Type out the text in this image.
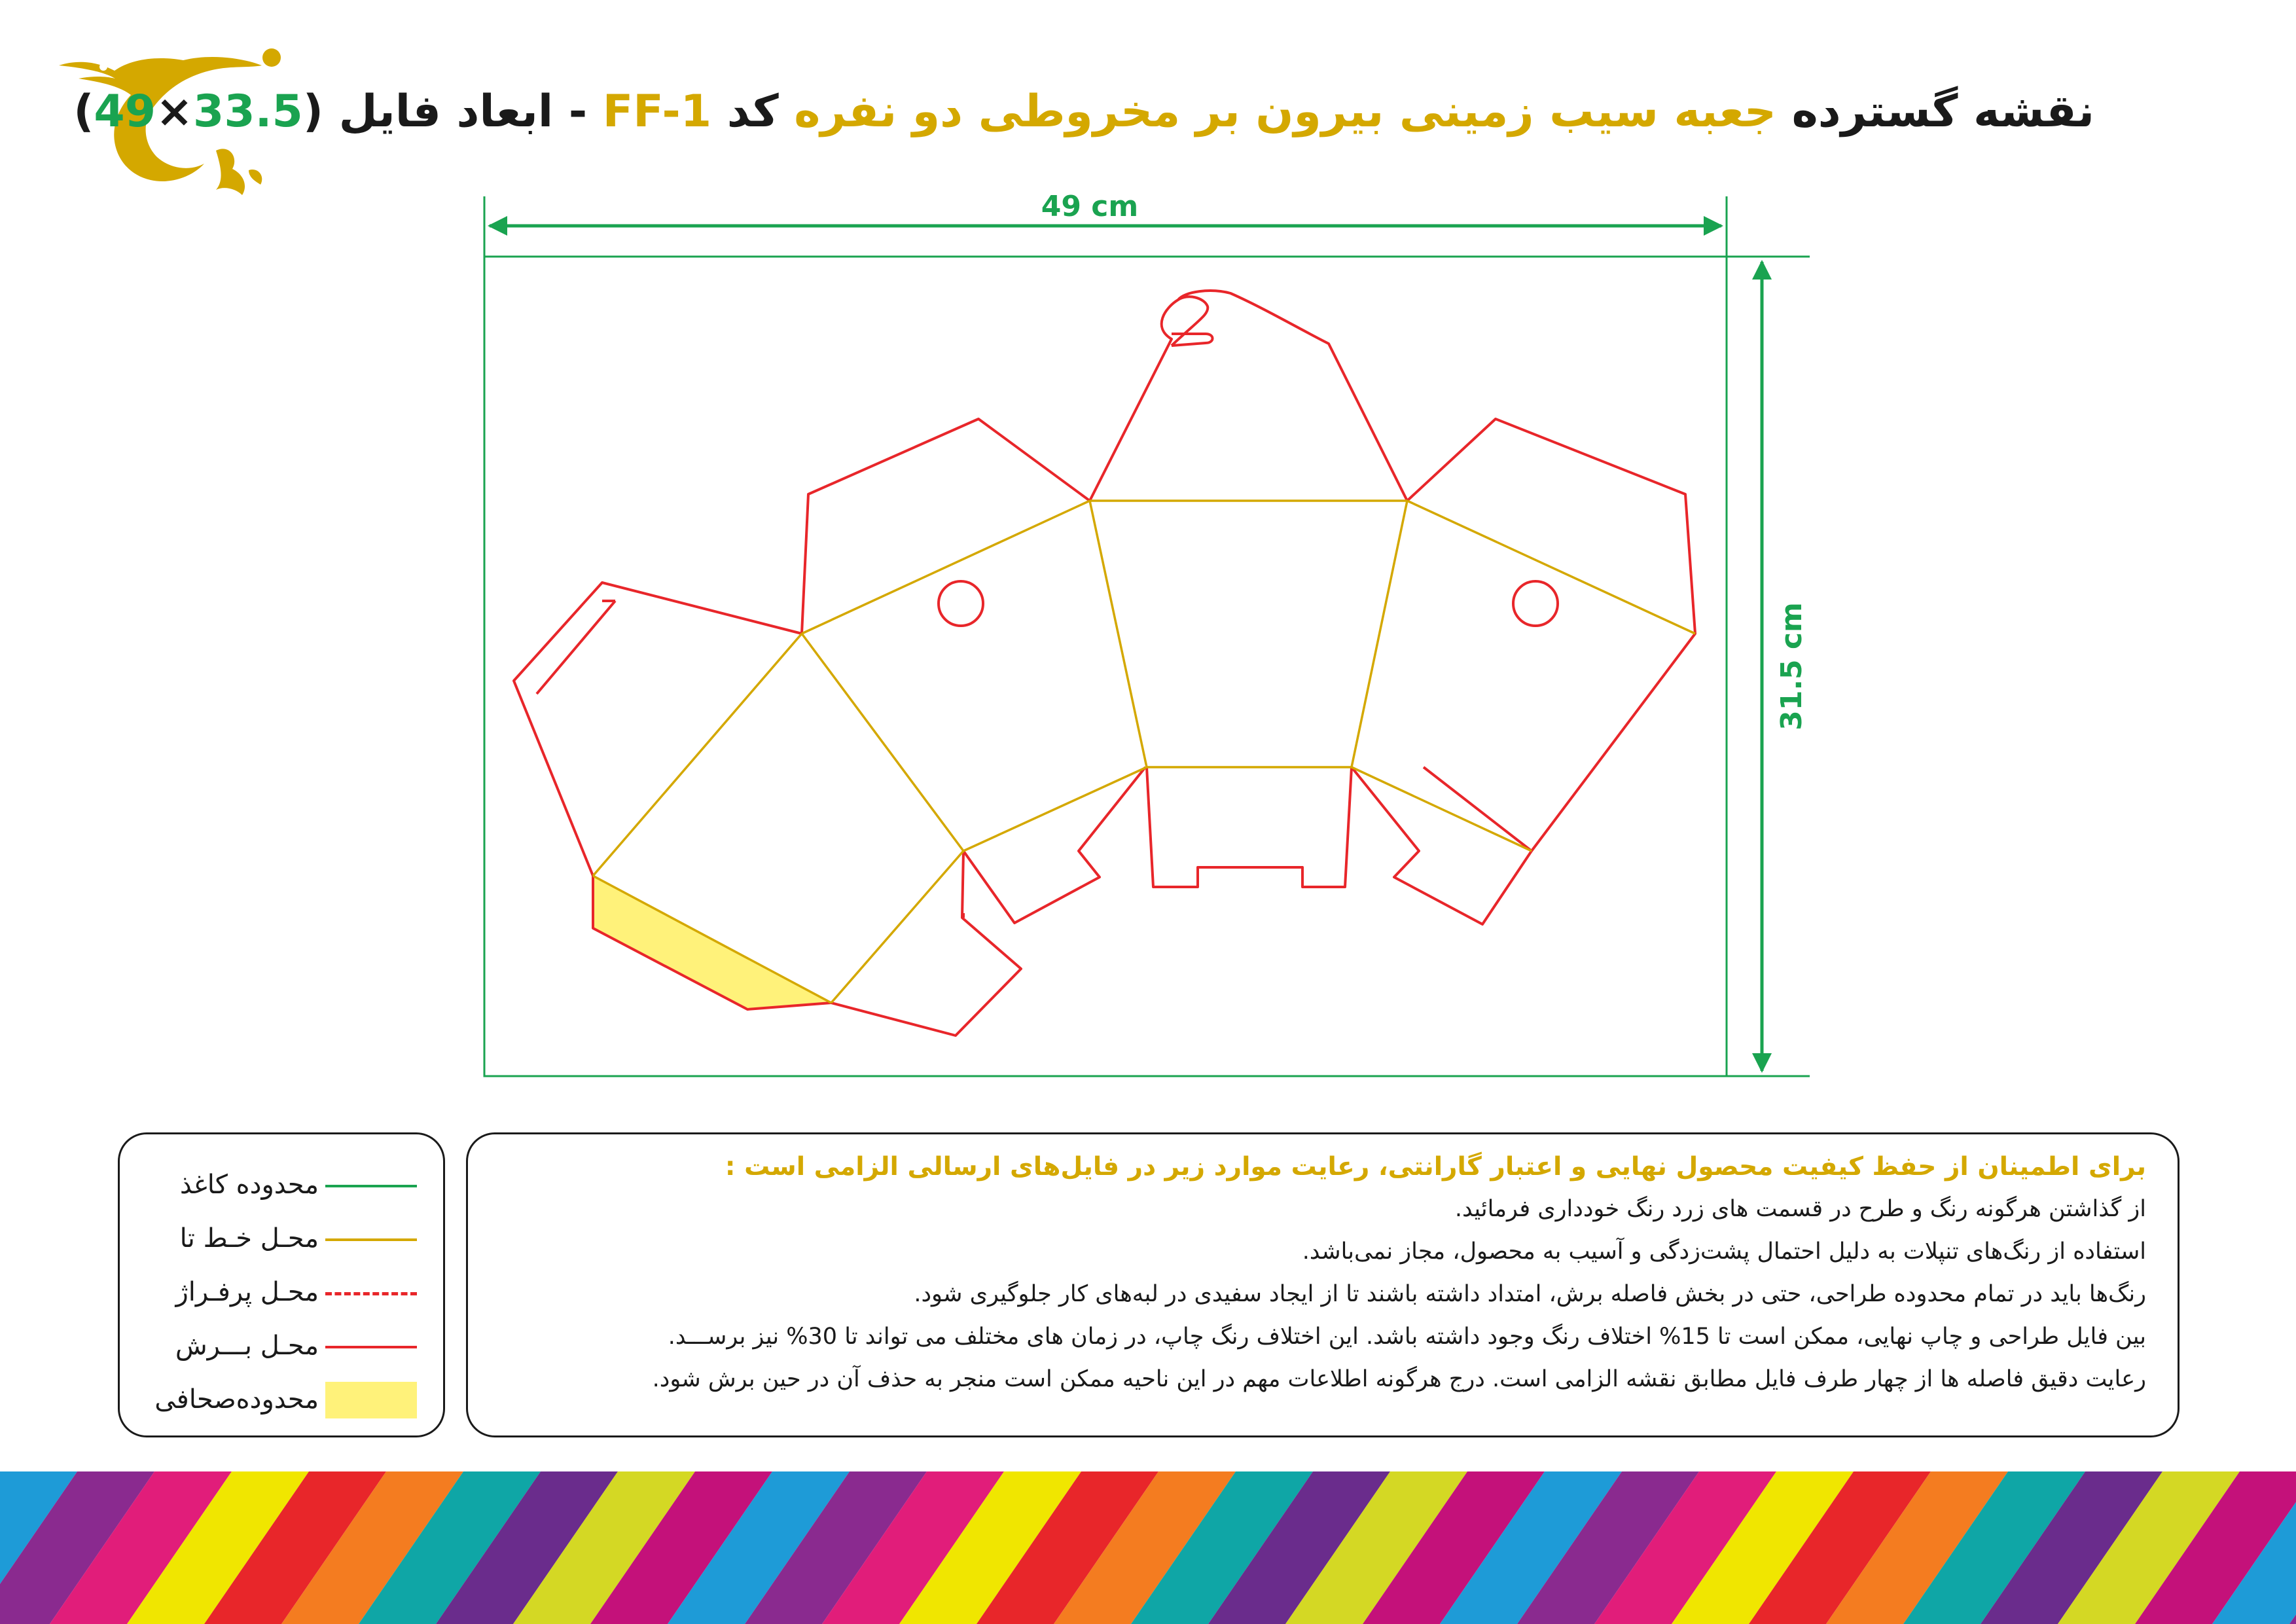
نقشه گسترده جعبه سیب زمینی بیرون بر مخروطی دو نفره کد FF-1 - ابعاد فایل (33.5×49)
49 cm
31.5 cm
محدوده کاغذ
محـل خـط تا
محـل پرفـراژ
محـل بـــرش
محدوده‌صحافی
برای اطمینان از حفظ کیفیت محصول نهایی و اعتبار گارانتی، رعایت موارد زیر در فایل‌های ارسالی الزامی است :
از گذاشتن هرگونه رنگ و طرح در قسمت های زرد رنگ خودداری فرمائید.
استفاده از رنگ‌های تنپلات به دلیل احتمال پشت‌زدگی و آسیب به محصول، مجاز نمی‌باشد.
رنگ‌ها باید در تمام محدوده طراحی، حتی در بخش فاصله برش، امتداد داشته باشند تا از ایجاد سفیدی در لبه‌های کار جلوگیری شود.
بین فایل طراحی و چاپ نهایی، ممکن است تا 15% اختلاف رنگ وجود داشته باشد. این اختلاف رنگ چاپ، در زمان های مختلف می تواند تا 30% نیز برســـد.
رعایت دقیق فاصله ها از چهار طرف فایل مطابق نقشه الزامی است. درج هرگونه اطلاعات مهم در این ناحیه ممکن است منجر به حذف آن در حین برش شود.
